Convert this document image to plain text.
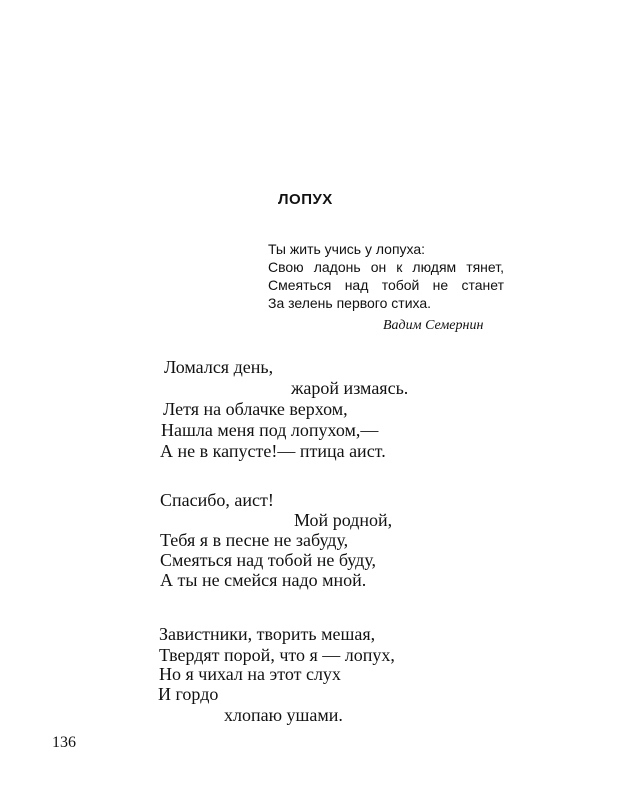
ЛОПУХ
Ты жить учись у лопуха:
Свою ладонь он к людям тянет,
Смеяться над тобой не станет
За зелень первого стиха.
Вадим Семернин
Ломался день,
жарой измаясь.
Летя на облачке верхом,
Нашла меня под лопухом,—
А не в капусте!— птица аист.
Спасибо, аист!
Мой родной,
Тебя я в песне не забуду,
Смеяться над тобой не буду,
А ты не смейся надо мной.
Завистники, творить мешая,
Твердят порой, что я — лопух,
Но я чихал на этот слух
И гордо
хлопаю ушами.
136
